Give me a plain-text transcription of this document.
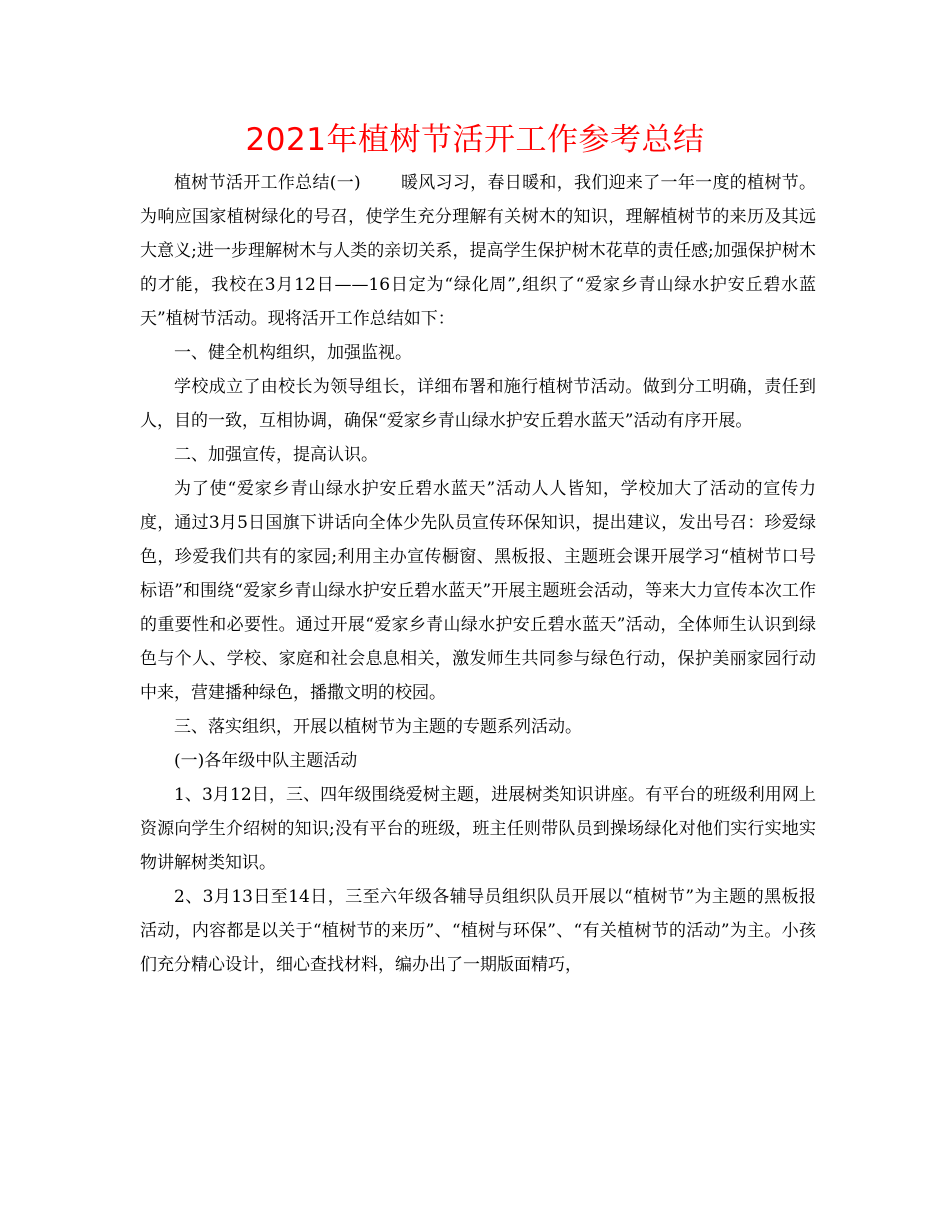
2021年植树节活开工作参考总结

植树节活开工作总结(一) 暖风习习，春日暖和，我们迎来了一年一度的植树节。为响应国家植树绿化的号召，使学生充分理解有关树木的知识，理解植树节的来历及其远大意义;进一步理解树木与人类的亲切关系，提高学生保护树木花草的责任感;加强保护树木的才能，我校在3月12日——16日定为“绿化周”,组织了“爱家乡青山绿水护安丘碧水蓝天”植树节活动。现将活开工作总结如下：

一、健全机构组织，加强监视。

学校成立了由校长为领导组长，详细布署和施行植树节活动。做到分工明确，责任到人，目的一致，互相协调，确保“爱家乡青山绿水护安丘碧水蓝天”活动有序开展。

二、加强宣传，提高认识。

为了使“爱家乡青山绿水护安丘碧水蓝天”活动人人皆知，学校加大了活动的宣传力度，通过3月5日国旗下讲话向全体少先队员宣传环保知识，提出建议，发出号召：珍爱绿色，珍爱我们共有的家园;利用主办宣传橱窗、黑板报、主题班会课开展学习“植树节口号标语”和围绕“爱家乡青山绿水护安丘碧水蓝天”开展主题班会活动，等来大力宣传本次工作的重要性和必要性。通过开展“爱家乡青山绿水护安丘碧水蓝天”活动，全体师生认识到绿色与个人、学校、家庭和社会息息相关，激发师生共同参与绿色行动，保护美丽家园行动中来，营建播种绿色，播撒文明的校园。

三、落实组织，开展以植树节为主题的专题系列活动。

(一)各年级中队主题活动

1、3月12日，三、四年级围绕爱树主题，进展树类知识讲座。有平台的班级利用网上资源向学生介绍树的知识;没有平台的班级，班主任则带队员到操场绿化对他们实行实地实物讲解树类知识。

2、3月13日至14日，三至六年级各辅导员组织队员开展以“植树节”为主题的黑板报活动，内容都是以关于“植树节的来历”、“植树与环保”、“有关植树节的活动”为主。小孩们充分精心设计，细心查找材料，编办出了一期版面精巧，
